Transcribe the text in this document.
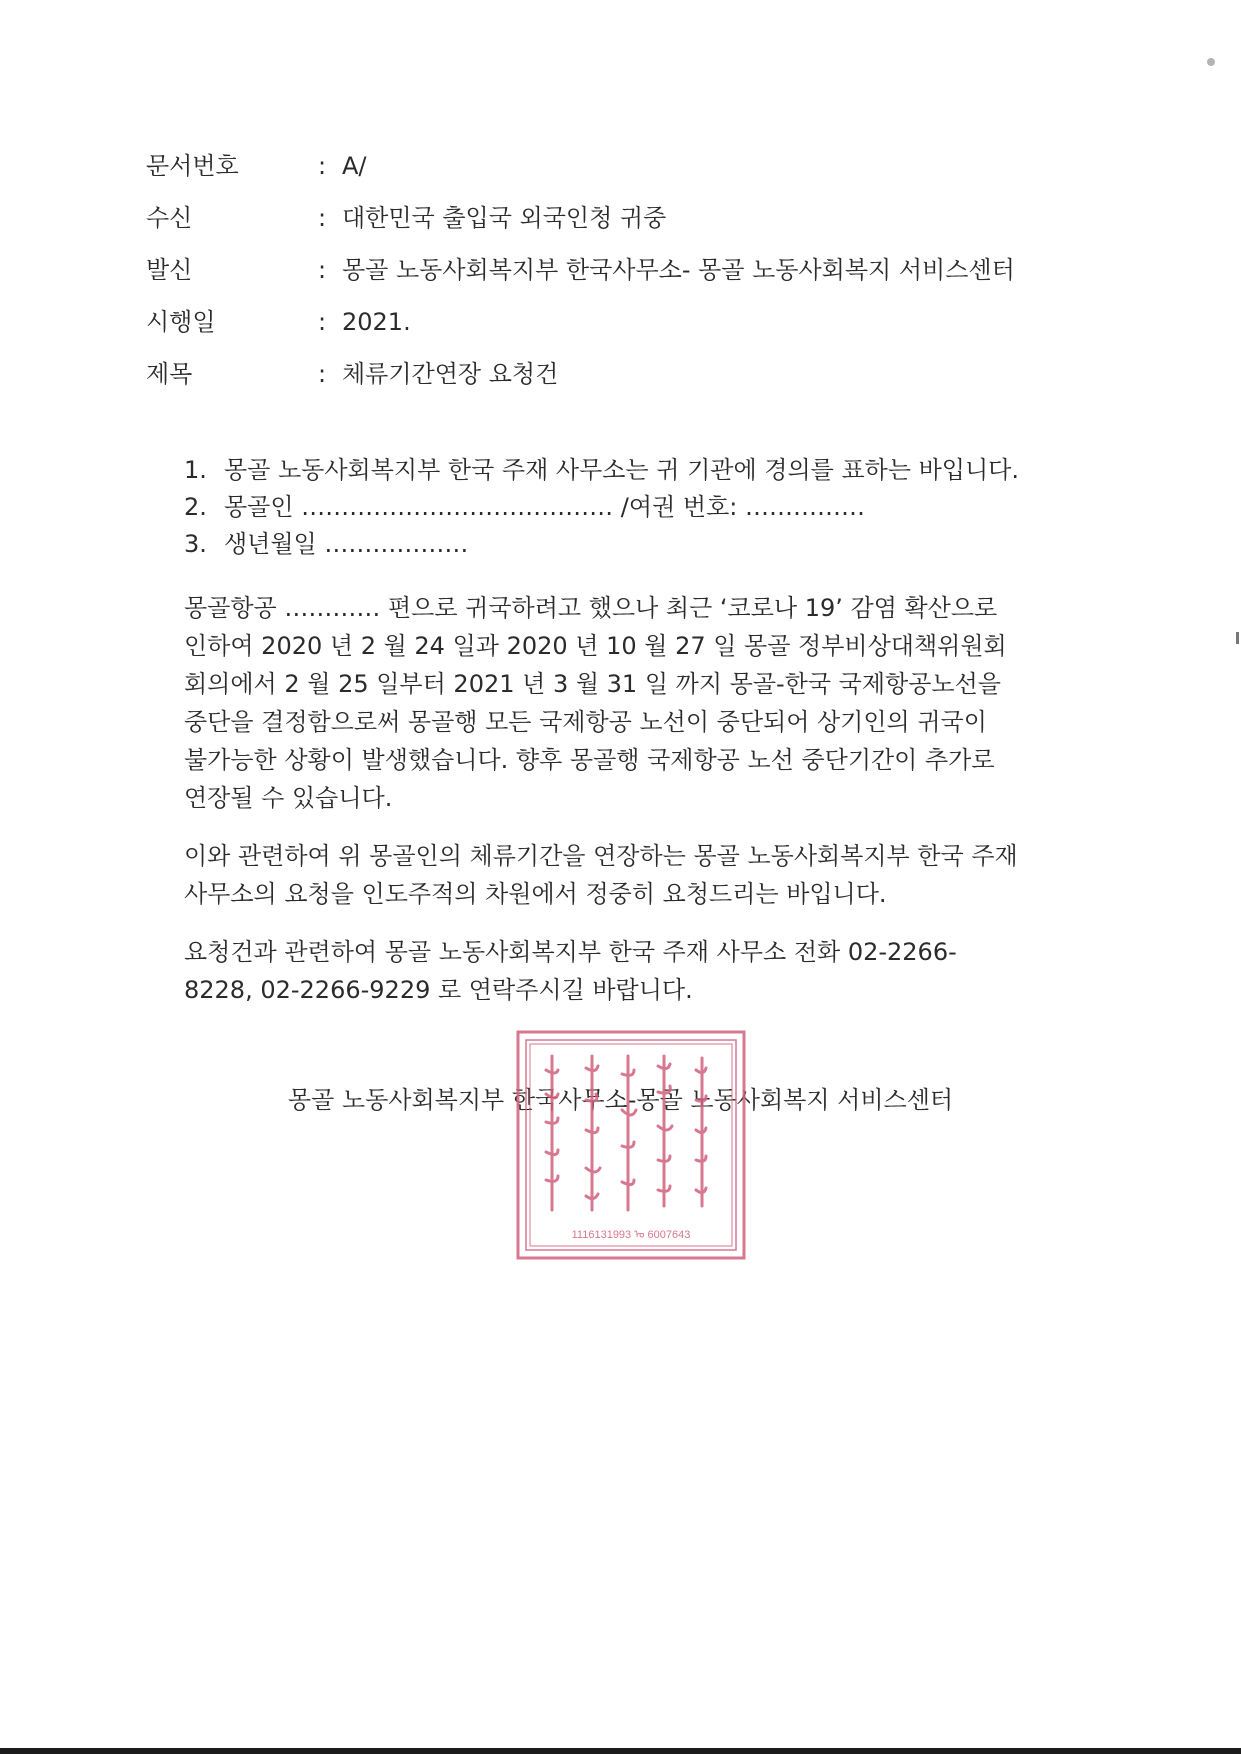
문서번호	: A/
수신	: 대한민국 출입국 외국인청 귀중
발신	: 몽골 노동사회복지부 한국사무소- 몽골 노동사회복지 서비스센터
시행일	: 2021.
제목	: 체류기간연장 요청건
1. 몽골 노동사회복지부 한국 주재 사무소는 귀 기관에 경의를 표하는 바입니다.
2. 몽골인 ………………………………… /여권 번호: ……………
3. 생년월일 ………………
몽골항공 ………… 편으로 귀국하려고 했으나 최근 ‘코로나 19’ 감염 확산으로
인하여 2020 년 2 월 24 일과 2020 년 10 월 27 일 몽골 정부비상대책위원회
회의에서 2 월 25 일부터 2021 년 3 월 31 일 까지 몽골-한국 국제항공노선을
중단을 결정함으로써 몽골행 모든 국제항공 노선이 중단되어 상기인의 귀국이
불가능한 상황이 발생했습니다. 향후 몽골행 국제항공 노선 중단기간이 추가로
연장될 수 있습니다.
이와 관련하여 위 몽골인의 체류기간을 연장하는 몽골 노동사회복지부 한국 주재
사무소의 요청을 인도주적의 차원에서 정중히 요청드리는 바입니다.
요청건과 관련하여 몽골 노동사회복지부 한국 주재 사무소 전화 02-2266-
8228, 02-2266-9229 로 연락주시길 바랍니다.
몽골 노동사회복지부 한국사무소-몽골 노동사회복지 서비스센터
1116131993 ᠤ 6007643
